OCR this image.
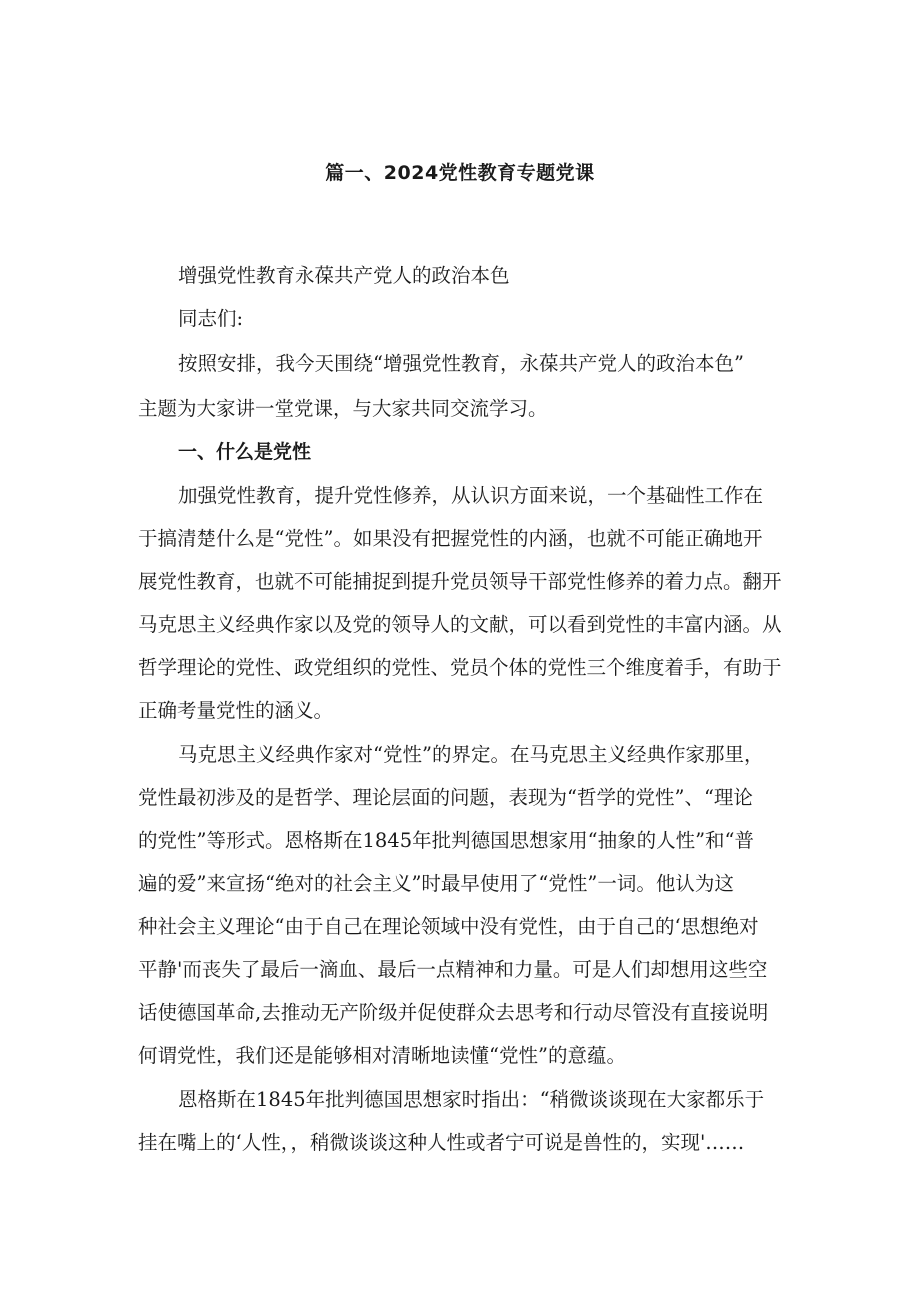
篇一、2024党性教育专题党课
增强党性教育永葆共产党人的政治本色
同志们:
按照安排，我今天围绕“增强党性教育，永葆共产党人的政治本色”
主题为大家讲一堂党课，与大家共同交流学习。
一、什么是党性
加强党性教育，提升党性修养，从认识方面来说，一个基础性工作在
于搞清楚什么是“党性”。如果没有把握党性的内涵，也就不可能正确地开
展党性教育，也就不可能捕捉到提升党员领导干部党性修养的着力点。翻开
马克思主义经典作家以及党的领导人的文献，可以看到党性的丰富内涵。从
哲学理论的党性、政党组织的党性、党员个体的党性三个维度着手，有助于
正确考量党性的涵义。
马克思主义经典作家对“党性”的界定。在马克思主义经典作家那里，
党性最初涉及的是哲学、理论层面的问题，表现为“哲学的党性”、“理论
的党性”等形式。恩格斯在1845年批判德国思想家用“抽象的人性”和“普
遍的爱”来宣扬“绝对的社会主义”时最早使用了“党性”一词。他认为这
种社会主义理论“由于自己在理论领域中没有党性，由于自己的‘思想绝对
平静'而丧失了最后一滴血、最后一点精神和力量。可是人们却想用这些空
话使德国革命,去推动无产阶级并促使群众去思考和行动尽管没有直接说明
何谓党性，我们还是能够相对清晰地读懂“党性”的意蕴。
恩格斯在1845年批判德国思想家时指出：“稍微谈谈现在大家都乐于
挂在嘴上的‘人性，，稍微谈谈这种人性或者宁可说是兽性的，实现'……
